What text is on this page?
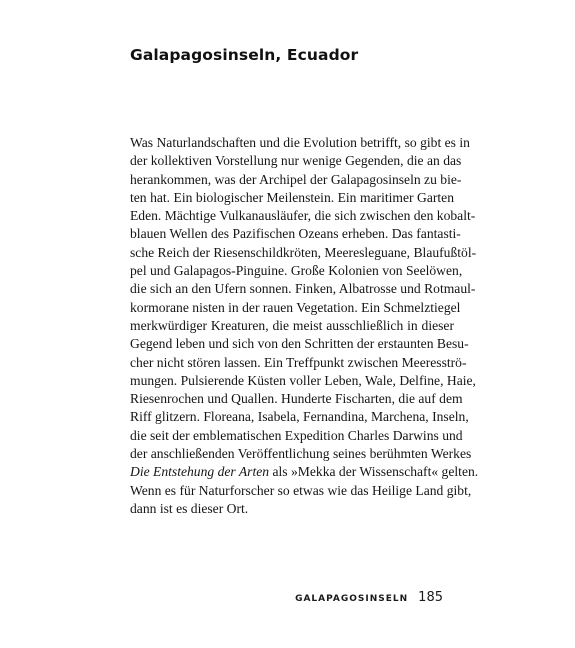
Galapagosinseln, Ecuador
Was Naturlandschaften und die Evolution betrifft, so gibt es in
der kollektiven Vorstellung nur wenige Gegenden, die an das
herankommen, was der Archipel der Galapagosinseln zu bie-
ten hat. Ein biologischer Meilenstein. Ein maritimer Garten
Eden. Mächtige Vulkanausläufer, die sich zwischen den kobalt-
blauen Wellen des Pazifischen Ozeans erheben. Das fantasti-
sche Reich der Riesenschildkröten, Meeresleguane, Blaufußtöl-
pel und Galapagos-Pinguine. Große Kolonien von Seelöwen,
die sich an den Ufern sonnen. Finken, Albatrosse und Rotmaul-
kormorane nisten in der rauen Vegetation. Ein Schmelztiegel
merkwürdiger Kreaturen, die meist ausschließlich in dieser
Gegend leben und sich von den Schritten der erstaunten Besu-
cher nicht stören lassen. Ein Treffpunkt zwischen Meeresströ-
mungen. Pulsierende Küsten voller Leben, Wale, Delfine, Haie,
Riesenrochen und Quallen. Hunderte Fischarten, die auf dem
Riff glitzern. Floreana, Isabela, Fernandina, Marchena, Inseln,
die seit der emblematischen Expedition Charles Darwins und
der anschließenden Veröffentlichung seines berühmten Werkes
Die Entstehung der Arten als »Mekka der Wissenschaft« gelten.
Wenn es für Naturforscher so etwas wie das Heilige Land gibt,
dann ist es dieser Ort.
GALAPAGOSINSELN 185
